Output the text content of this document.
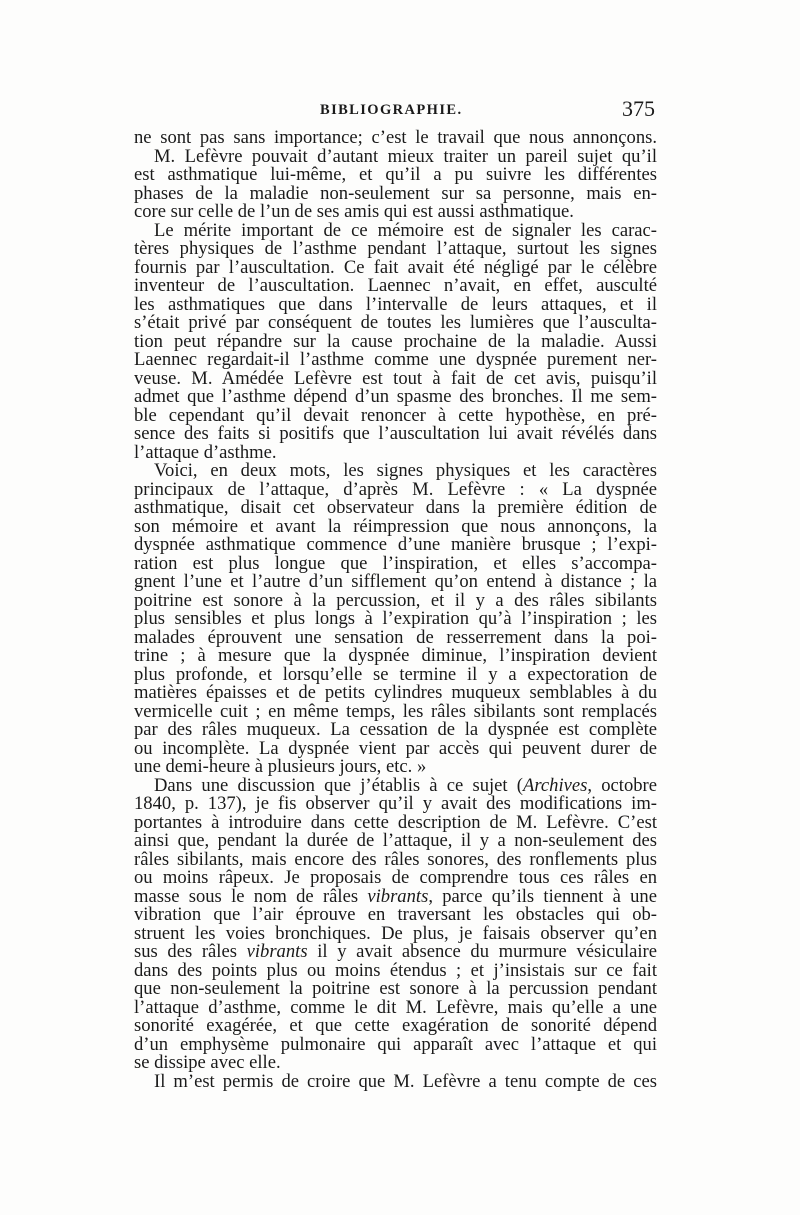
BIBLIOGRAPHIE.	375
ne sont pas sans importance; c’est le travail que nous annonçons.
M. Lefèvre pouvait d’autant mieux traiter un pareil sujet qu’il
est asthmatique lui-même, et qu’il a pu suivre les différentes
phases de la maladie non-seulement sur sa personne, mais en-
core sur celle de l’un de ses amis qui est aussi asthmatique.
Le mérite important de ce mémoire est de signaler les carac-
tères physiques de l’asthme pendant l’attaque, surtout les signes
fournis par l’auscultation. Ce fait avait été négligé par le célèbre
inventeur de l’auscultation. Laennec n’avait, en effet, ausculté
les asthmatiques que dans l’intervalle de leurs attaques, et il
s’était privé par conséquent de toutes les lumières que l’ausculta-
tion peut répandre sur la cause prochaine de la maladie. Aussi
Laennec regardait-il l’asthme comme une dyspnée purement ner-
veuse. M. Amédée Lefèvre est tout à fait de cet avis, puisqu’il
admet que l’asthme dépend d’un spasme des bronches. Il me sem-
ble cependant qu’il devait renoncer à cette hypothèse, en pré-
sence des faits si positifs que l’auscultation lui avait révélés dans
l’attaque d’asthme.
Voici, en deux mots, les signes physiques et les caractères
principaux de l’attaque, d’après M. Lefèvre : « La dyspnée
asthmatique, disait cet observateur dans la première édition de
son mémoire et avant la réimpression que nous annonçons, la
dyspnée asthmatique commence d’une manière brusque ; l’expi-
ration est plus longue que l’inspiration, et elles s’accompa-
gnent l’une et l’autre d’un sifflement qu’on entend à distance ; la
poitrine est sonore à la percussion, et il y a des râles sibilants
plus sensibles et plus longs à l’expiration qu’à l’inspiration ; les
malades éprouvent une sensation de resserrement dans la poi-
trine ; à mesure que la dyspnée diminue, l’inspiration devient
plus profonde, et lorsqu’elle se termine il y a expectoration de
matières épaisses et de petits cylindres muqueux semblables à du
vermicelle cuit ; en même temps, les râles sibilants sont remplacés
par des râles muqueux. La cessation de la dyspnée est complète
ou incomplète. La dyspnée vient par accès qui peuvent durer de
une demi-heure à plusieurs jours, etc. »
Dans une discussion que j’établis à ce sujet (Archives, octobre
1840, p. 137), je fis observer qu’il y avait des modifications im-
portantes à introduire dans cette description de M. Lefèvre. C’est
ainsi que, pendant la durée de l’attaque, il y a non-seulement des
râles sibilants, mais encore des râles sonores, des ronflements plus
ou moins râpeux. Je proposais de comprendre tous ces râles en
masse sous le nom de râles vibrants, parce qu’ils tiennent à une
vibration que l’air éprouve en traversant les obstacles qui ob-
struent les voies bronchiques. De plus, je faisais observer qu’en
sus des râles vibrants il y avait absence du murmure vésiculaire
dans des points plus ou moins étendus ; et j’insistais sur ce fait
que non-seulement la poitrine est sonore à la percussion pendant
l’attaque d’asthme, comme le dit M. Lefèvre, mais qu’elle a une
sonorité exagérée, et que cette exagération de sonorité dépend
d’un emphysème pulmonaire qui apparaît avec l’attaque et qui
se dissipe avec elle.
Il m’est permis de croire que M. Lefèvre a tenu compte de ces
